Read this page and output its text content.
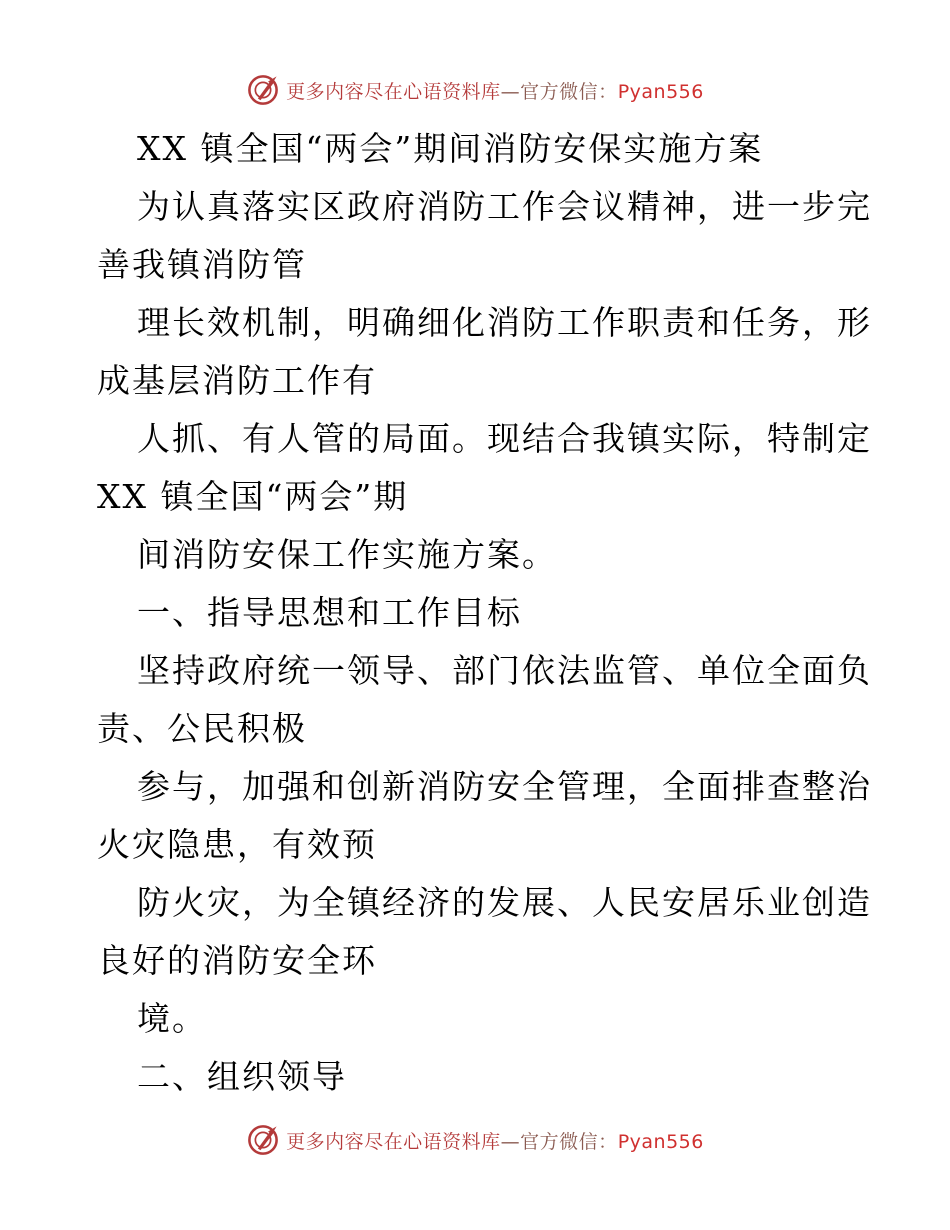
更多内容尽在心语资料库—官方微信：Pyan556
XX 镇全国“两会”期间消防安保实施方案
为认真落实区政府消防工作会议精神，进一步完
善我镇消防管
理长效机制，明确细化消防工作职责和任务，形
成基层消防工作有
人抓、有人管的局面。现结合我镇实际，特制定
XX 镇全国“两会”期
间消防安保工作实施方案。
一、指导思想和工作目标
坚持政府统一领导、部门依法监管、单位全面负
责、公民积极
参与，加强和创新消防安全管理，全面排查整治
火灾隐患，有效预
防火灾，为全镇经济的发展、人民安居乐业创造
良好的消防安全环
境。
二、组织领导
更多内容尽在心语资料库—官方微信：Pyan556
